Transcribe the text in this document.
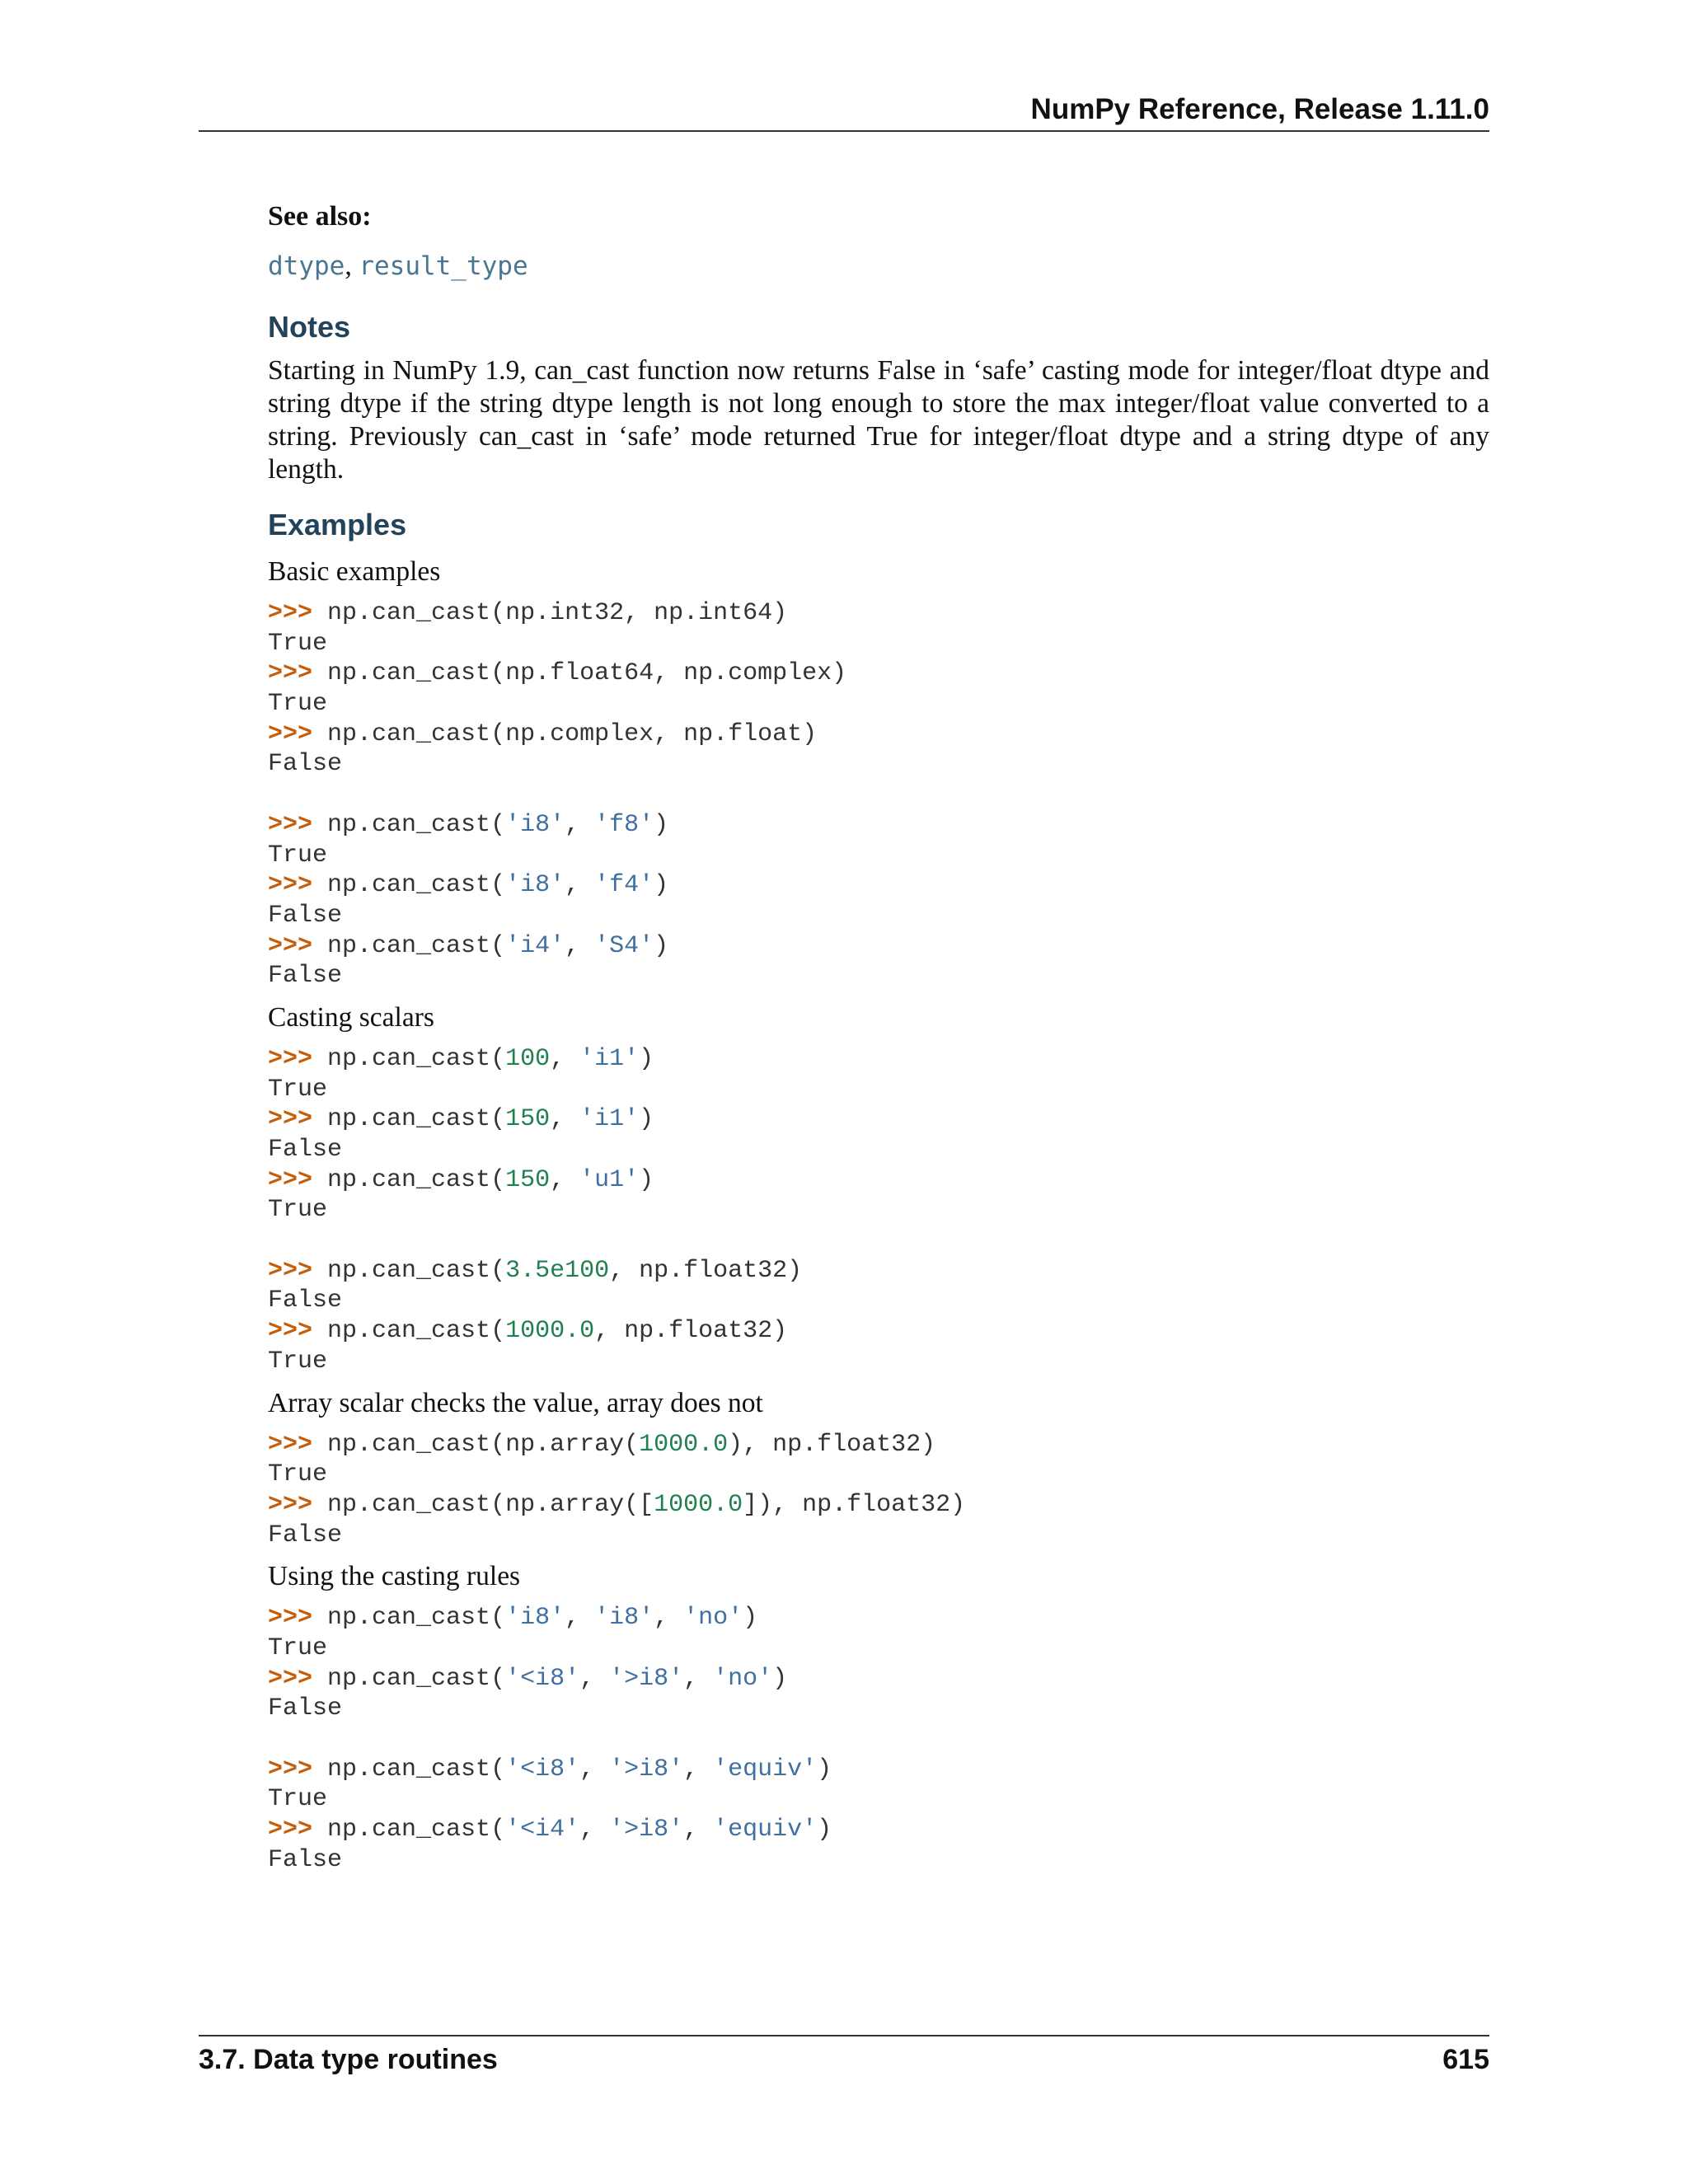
NumPy Reference, Release 1.11.0

See also:

dtype, result_type

Notes

Starting in NumPy 1.9, can_cast function now returns False in ‘safe’ casting mode for integer/float dtype and string dtype if the string dtype length is not long enough to store the max integer/float value converted to a string. Previously can_cast in ‘safe’ mode returned True for integer/float dtype and a string dtype of any length.

Examples

Basic examples

>>> np.can_cast(np.int32, np.int64)
True
>>> np.can_cast(np.float64, np.complex)
True
>>> np.can_cast(np.complex, np.float)
False
>>> np.can_cast('i8', 'f8')
True
>>> np.can_cast('i8', 'f4')
False
>>> np.can_cast('i4', 'S4')
False

Casting scalars

>>> np.can_cast(100, 'i1')
True
>>> np.can_cast(150, 'i1')
False
>>> np.can_cast(150, 'u1')
True
>>> np.can_cast(3.5e100, np.float32)
False
>>> np.can_cast(1000.0, np.float32)
True

Array scalar checks the value, array does not

>>> np.can_cast(np.array(1000.0), np.float32)
True
>>> np.can_cast(np.array([1000.0]), np.float32)
False

Using the casting rules

>>> np.can_cast('i8', 'i8', 'no')
True
>>> np.can_cast('<i8', '>i8', 'no')
False
>>> np.can_cast('<i8', '>i8', 'equiv')
True
>>> np.can_cast('<i4', '>i8', 'equiv')
False
3.7. Data type routines	615
